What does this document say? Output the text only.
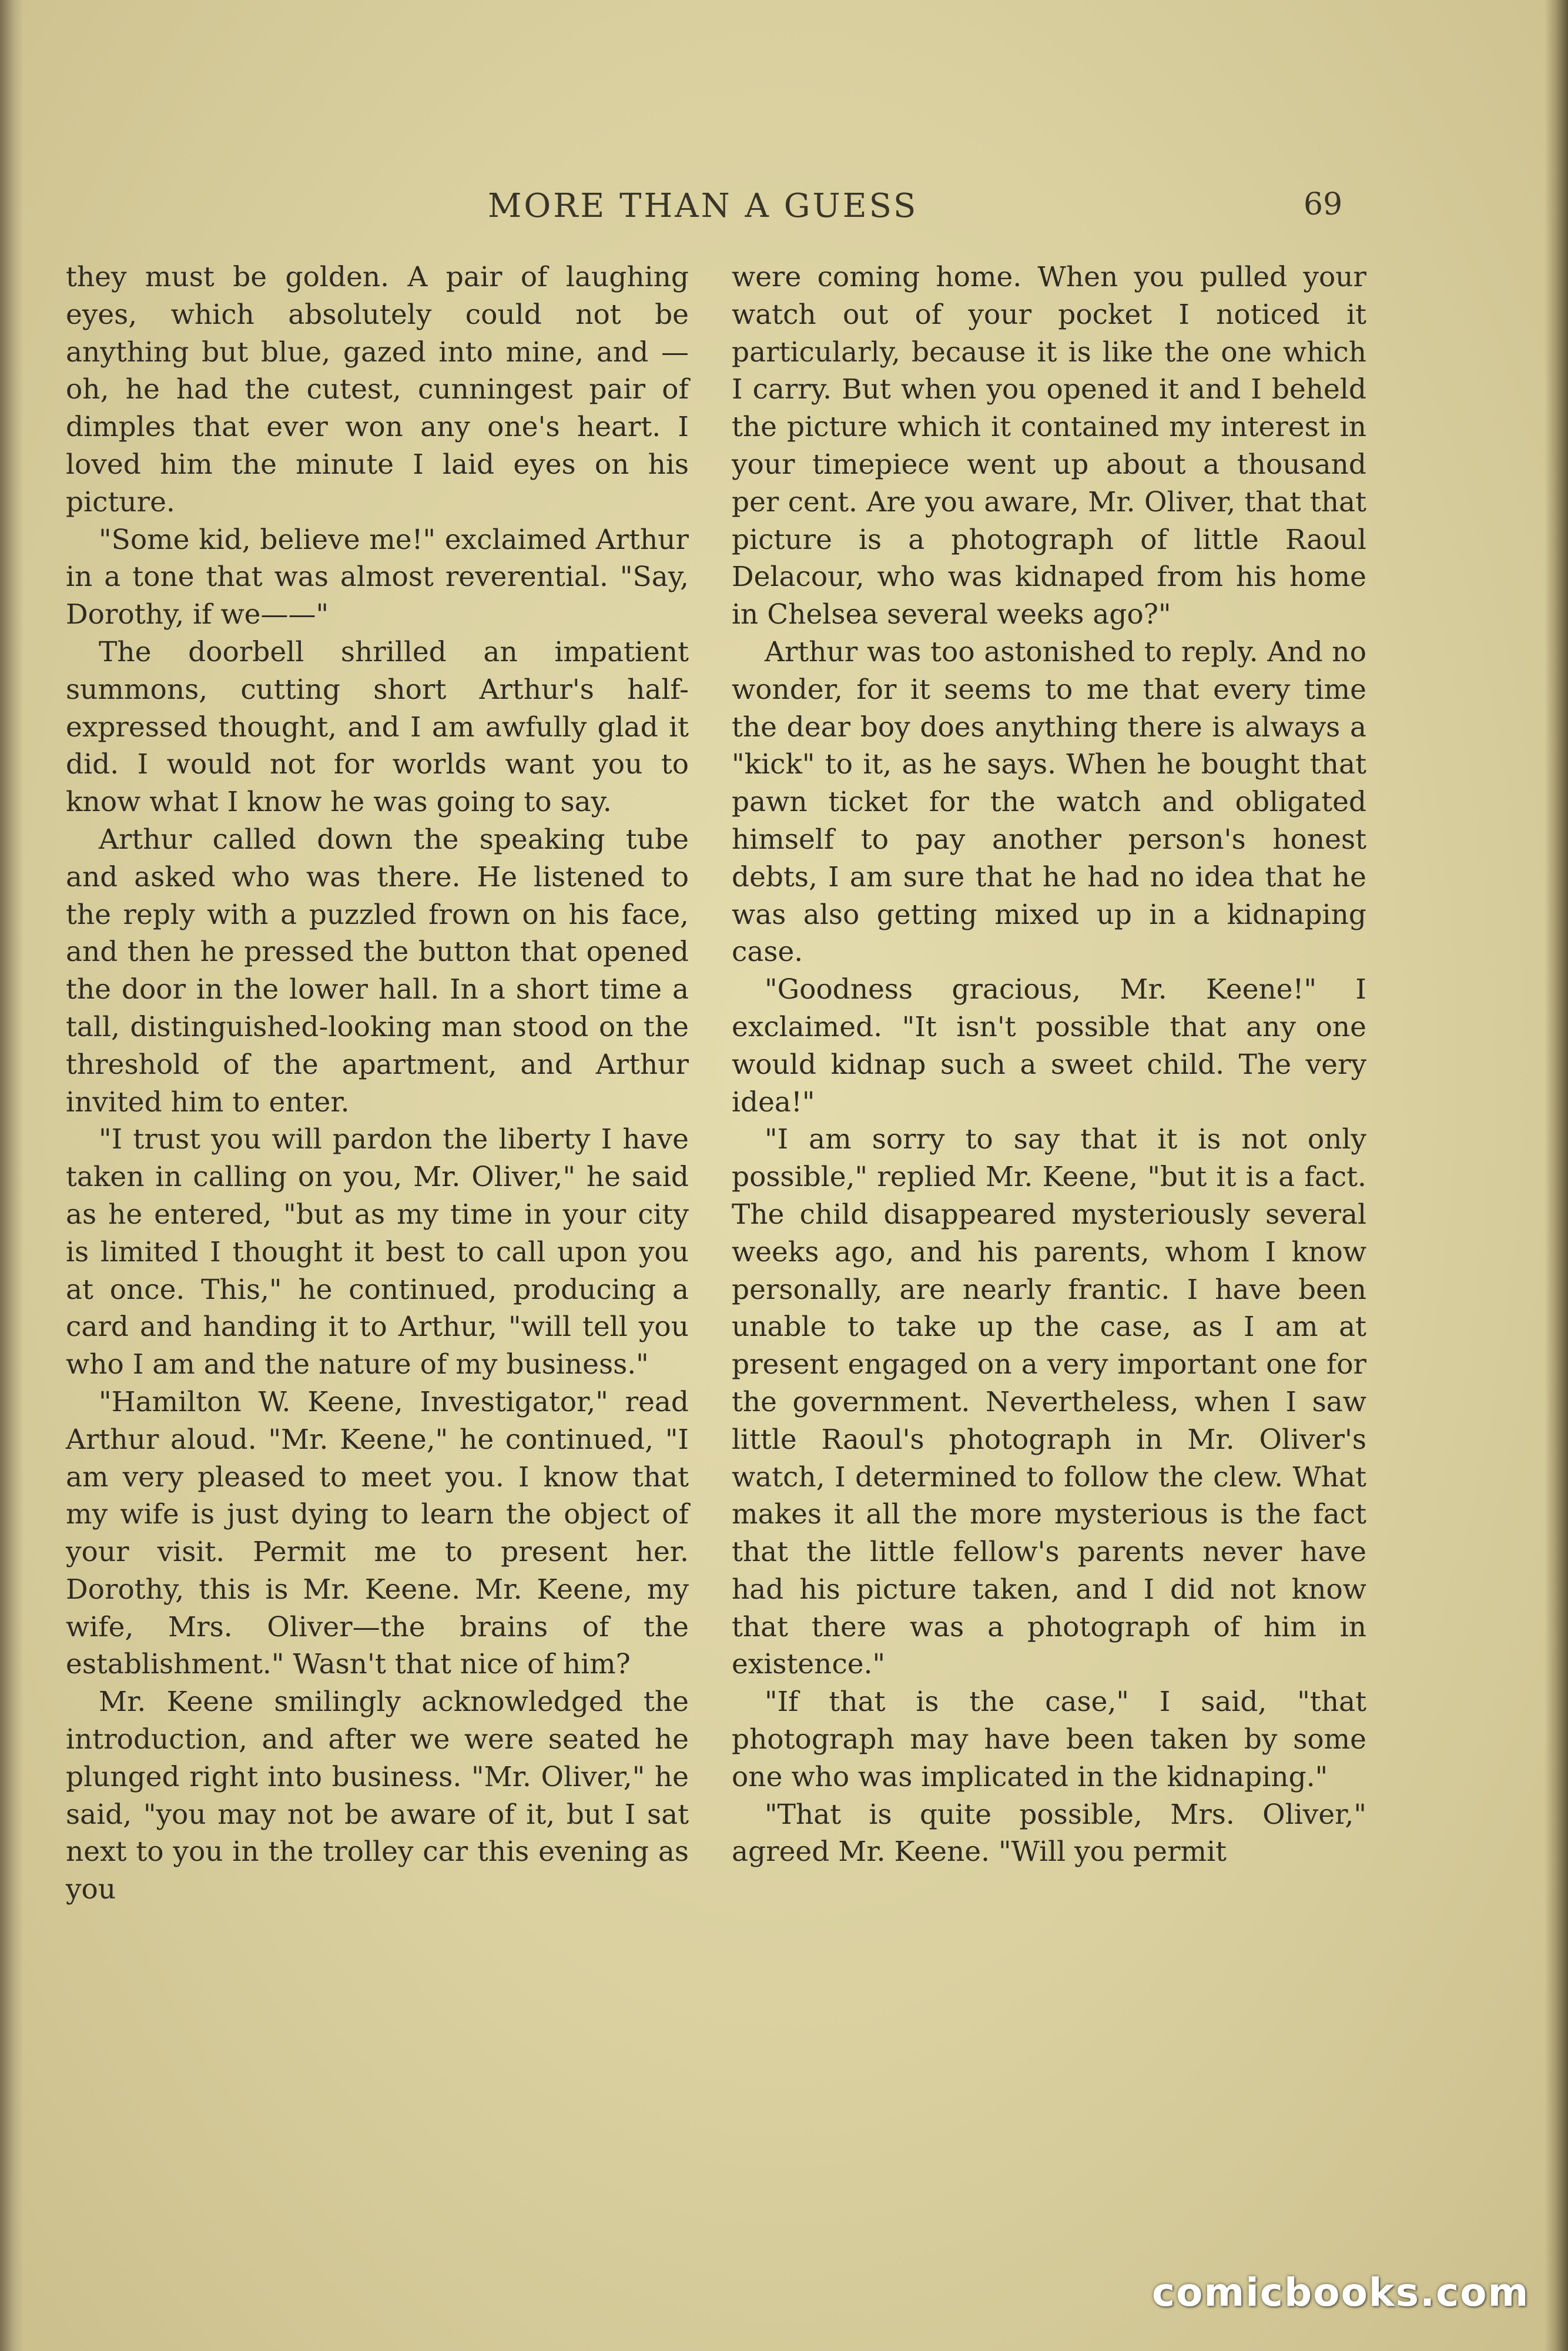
MORE THAN A GUESS	69

they must be golden. A pair of laughing eyes, which absolutely could not be anything but blue, gazed into mine, and —oh, he had the cutest, cunningest pair of dimples that ever won any one's heart. I loved him the minute I laid eyes on his picture.

"Some kid, believe me!" exclaimed Arthur in a tone that was almost reverential. "Say, Dorothy, if we——"

The doorbell shrilled an impatient summons, cutting short Arthur's half-expressed thought, and I am awfully glad it did. I would not for worlds want you to know what I know he was going to say.

Arthur called down the speaking tube and asked who was there. He listened to the reply with a puzzled frown on his face, and then he pressed the button that opened the door in the lower hall. In a short time a tall, distinguished-looking man stood on the threshold of the apartment, and Arthur invited him to enter.

"I trust you will pardon the liberty I have taken in calling on you, Mr. Oliver," he said as he entered, "but as my time in your city is limited I thought it best to call upon you at once. This," he continued, producing a card and handing it to Arthur, "will tell you who I am and the nature of my business."

"Hamilton W. Keene, Investigator," read Arthur aloud. "Mr. Keene," he continued, "I am very pleased to meet you. I know that my wife is just dying to learn the object of your visit. Permit me to present her. Dorothy, this is Mr. Keene. Mr. Keene, my wife, Mrs. Oliver—the brains of the establishment." Wasn't that nice of him?

Mr. Keene smilingly acknowledged the introduction, and after we were seated he plunged right into business. "Mr. Oliver," he said, "you may not be aware of it, but I sat next to you in the trolley car this evening as you

were coming home. When you pulled your watch out of your pocket I noticed it particularly, because it is like the one which I carry. But when you opened it and I beheld the picture which it contained my interest in your timepiece went up about a thousand per cent. Are you aware, Mr. Oliver, that that picture is a photograph of little Raoul Delacour, who was kidnaped from his home in Chelsea several weeks ago?"

Arthur was too astonished to reply. And no wonder, for it seems to me that every time the dear boy does anything there is always a "kick" to it, as he says. When he bought that pawn ticket for the watch and obligated himself to pay another person's honest debts, I am sure that he had no idea that he was also getting mixed up in a kidnaping case.

"Goodness gracious, Mr. Keene!" I exclaimed. "It isn't possible that any one would kidnap such a sweet child. The very idea!"

"I am sorry to say that it is not only possible," replied Mr. Keene, "but it is a fact. The child disappeared mysteriously several weeks ago, and his parents, whom I know personally, are nearly frantic. I have been unable to take up the case, as I am at present engaged on a very important one for the government. Nevertheless, when I saw little Raoul's photograph in Mr. Oliver's watch, I determined to follow the clew. What makes it all the more mysterious is the fact that the little fellow's parents never have had his picture taken, and I did not know that there was a photograph of him in existence."

"If that is the case," I said, "that photograph may have been taken by some one who was implicated in the kidnaping."

"That is quite possible, Mrs. Oliver," agreed Mr. Keene. "Will you permit

comicbooks.com
